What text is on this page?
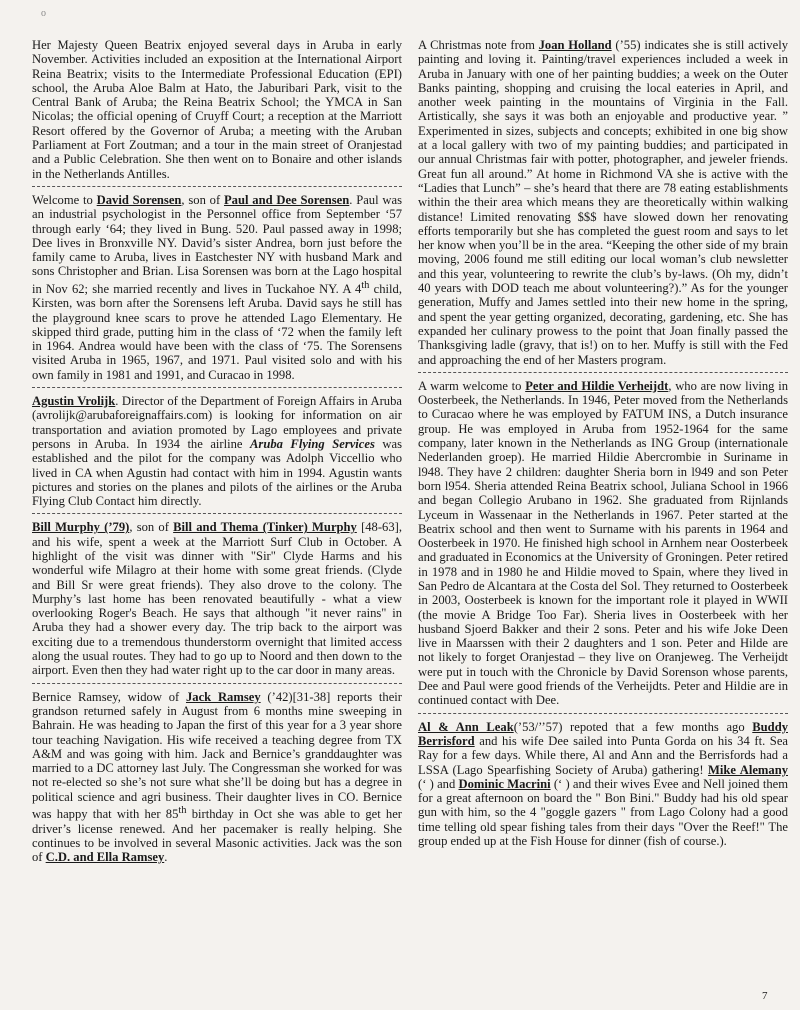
o

Her Majesty Queen Beatrix enjoyed several days in Aruba in early November. Activities included an exposition at the International Airport Reina Beatrix; visits to the Intermediate Professional Education (EPI) school, the Aruba Aloe Balm at Hato, the Jaburibari Park, visit to the Central Bank of Aruba; the Reina Beatrix School; the YMCA in San Nicolas; the official opening of Cruyff Court; a reception at the Marriott Resort offered by the Governor of Aruba; a meeting with the Aruban Parliament at Fort Zoutman; and a tour in the main street of Oranjestad and a Public Celebration. She then went on to Bonaire and other islands in the Netherlands Antilles.

Welcome to David Sorensen, son of Paul and Dee Sorensen. Paul was an industrial psychologist in the Personnel office from September ‘57 through early ‘64; they lived in Bung. 520. Paul passed away in 1998; Dee lives in Bronxville NY. David’s sister Andrea, born just before the family came to Aruba, lives in Eastchester NY with husband Mark and sons Christopher and Brian. Lisa Sorensen was born at the Lago hospital in Nov 62; she married recently and lives in Tuckahoe NY. A 4th child, Kirsten, was born after the Sorensens left Aruba. David says he still has the playground knee scars to prove he attended Lago Elementary. He skipped third grade, putting him in the class of ‘72 when the family left in 1964. Andrea would have been with the class of ‘75. The Sorensens visited Aruba in 1965, 1967, and 1971. Paul visited solo and with his own family in 1981 and 1991, and Curacao in 1998.

Agustin Vrolijk. Director of the Department of Foreign Affairs in Aruba (avrolijk@arubaforeignaffairs.com) is looking for information on air transportation and aviation promoted by Lago employees and private persons in Aruba. In 1934 the airline Aruba Flying Services was established and the pilot for the company was Adolph Viccellio who lived in CA when Agustin had contact with him in 1994. Agustin wants pictures and stories on the planes and pilots of the airlines or the Aruba Flying Club Contact him directly.

Bill Murphy (’79), son of Bill and Thema (Tinker) Murphy [48-63], and his wife, spent a week at the Marriott Surf Club in October. A highlight of the visit was dinner with "Sir" Clyde Harms and his wonderful wife Milagro at their home with some great friends. (Clyde and Bill Sr were great friends). They also drove to the colony. The Murphy’s last home has been renovated beautifully - what a view overlooking Roger's Beach. He says that although "it never rains" in Aruba they had a shower every day. The trip back to the airport was exciting due to a tremendous thunderstorm overnight that limited access along the usual routes. They had to go up to Noord and then down to the airport. Even then they had water right up to the car door in many areas.

Bernice Ramsey, widow of Jack Ramsey (’42)[31-38] reports their grandson returned safely in August from 6 months mine sweeping in Bahrain. He was heading to Japan the first of this year for a 3 year shore tour teaching Navigation. His wife received a teaching degree from TX A&M and was going with him. Jack and Bernice’s granddaughter was married to a DC attorney last July. The Congressman she worked for was not re-elected so she’s not sure what she’ll be doing but has a degree in political science and agri business. Their daughter lives in CO. Bernice was happy that with her 85th birthday in Oct she was able to get her driver’s license renewed. And her pacemaker is really helping. She continues to be involved in several Masonic activities. Jack was the son of C.D. and Ella Ramsey.

A Christmas note from Joan Holland (’55) indicates she is still actively painting and loving it. Painting/travel experiences included a week in Aruba in January with one of her painting buddies; a week on the Outer Banks painting, shopping and cruising the local eateries in April, and another week painting in the mountains of Virginia in the Fall. Artistically, she says it was both an enjoyable and productive year. ” Experimented in sizes, subjects and concepts; exhibited in one big show at a local gallery with two of my painting buddies; and participated in our annual Christmas fair with potter, photographer, and jeweler friends. Great fun all around.” At home in Richmond VA she is active with the “Ladies that Lunch” – she’s heard that there are 78 eating establishments within the their area which means they are theoretically within walking distance! Limited renovating $$$ have slowed down her renovating efforts temporarily but she has completed the guest room and says to let her know when you’ll be in the area. “Keeping the other side of my brain moving, 2006 found me still editing our local woman’s club newsletter and this year, volunteering to rewrite the club’s by-laws. (Oh my, didn’t 40 years with DOD teach me about volunteering?).” As for the younger generation, Muffy and James settled into their new home in the spring, and spent the year getting organized, decorating, gardening, etc. She has expanded her culinary prowess to the point that Joan finally passed the Thanksgiving ladle (gravy, that is!) on to her. Muffy is still with the Fed and approaching the end of her Masters program.

A warm welcome to Peter and Hildie Verheijdt, who are now living in Oosterbeek, the Netherlands. In 1946, Peter moved from the Netherlands to Curacao where he was employed by FATUM INS, a Dutch insurance group. He was employed in Aruba from 1952-1964 for the same company, later known in the Netherlands as ING Group (internationale Nederlanden groep). He married Hildie Abercrombie in Suriname in l948. They have 2 children: daughter Sheria born in l949 and son Peter born l954. Sheria attended Reina Beatrix school, Juliana School in 1966 and began Collegio Arubano in 1962. She graduated from Rijnlands Lyceum in Wassenaar in the Netherlands in 1967. Peter started at the Beatrix school and then went to Surname with his parents in 1964 and Oosterbeek in 1970. He finished high school in Arnhem near Oosterbeek and graduated in Economics at the University of Groningen. Peter retired in 1978 and in 1980 he and Hildie moved to Spain, where they lived in San Pedro de Alcantara at the Costa del Sol. They returned to Oosterbeek in 2003, Oosterbeek is known for the important role it played in WWII (the movie A Bridge Too Far). Sheria lives in Oosterbeek with her husband Sjoerd Bakker and their 2 sons. Peter and his wife Joke Deen live in Maarssen with their 2 daughters and 1 son. Peter and Hilde are not likely to forget Oranjestad – they live on Oranjeweg. The Verheijdt were put in touch with the Chronicle by David Sorenson whose parents, Dee and Paul were good friends of the Verheijdts. Peter and Hildie are in continued contact with Dee.

Al & Ann Leak(’53/’’57) repoted that a few months ago Buddy Berrisford and his wife Dee sailed into Punta Gorda on his 34 ft. Sea Ray for a few days. While there, Al and Ann and the Berrisfords had a LSSA (Lago Spearfishing Society of Aruba) gathering! Mike Alemany (‘ ) and Dominic Macrini (‘ ) and their wives Evee and Nell joined them for a great afternoon on board the " Bon Bini." Buddy had his old spear gun with him, so the 4 "goggle gazers " from Lago Colony had a good time telling old spear fishing tales from their days "Over the Reef!" The group ended up at the Fish House for dinner (fish of course.).

7
